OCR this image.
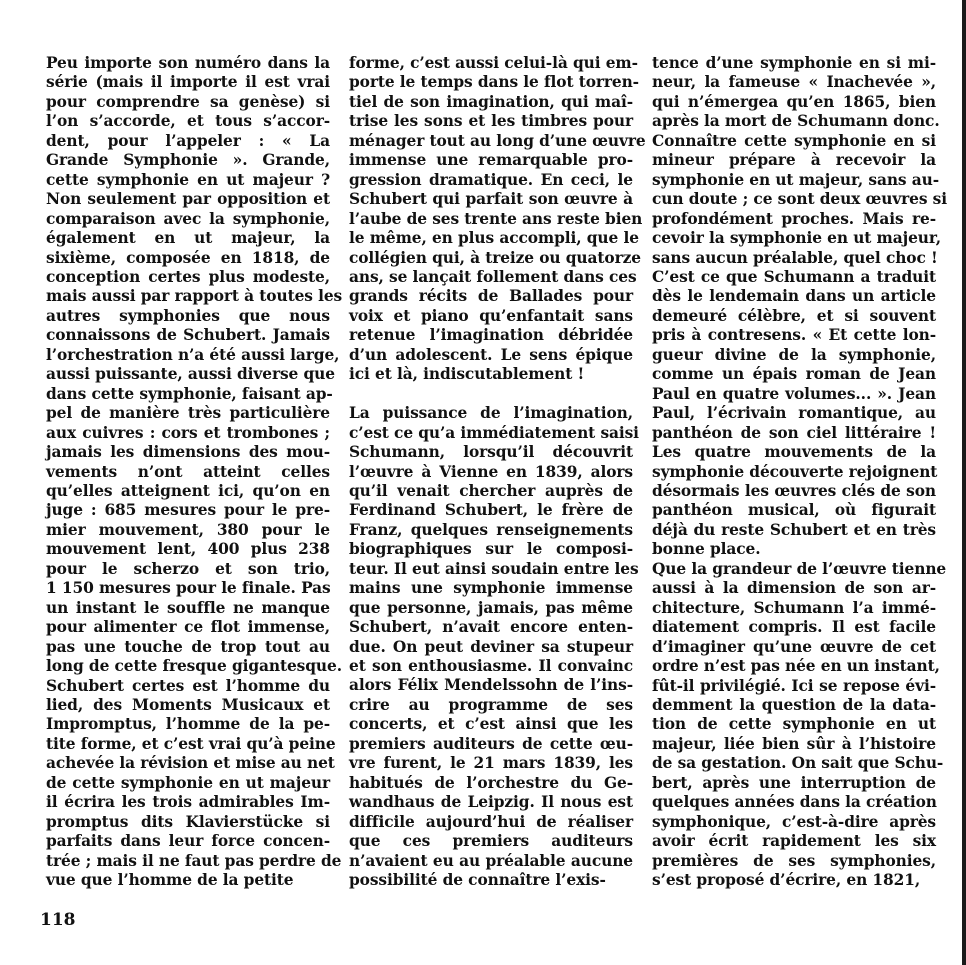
Peu importe son numéro dans la
série (mais il importe il est vrai
pour comprendre sa genèse) si
l’on s’accorde, et tous s’accor-
dent, pour l’appeler : « La
Grande Symphonie ». Grande,
cette symphonie en ut majeur ?
Non seulement par opposition et
comparaison avec la symphonie,
également en ut majeur, la
sixième, composée en 1818, de
conception certes plus modeste,
mais aussi par rapport à toutes les
autres symphonies que nous
connaissons de Schubert. Jamais
l’orchestration n’a été aussi large,
aussi puissante, aussi diverse que
dans cette symphonie, faisant ap-
pel de manière très particulière
aux cuivres : cors et trombones ;
jamais les dimensions des mou-
vements n’ont atteint celles
qu’elles atteignent ici, qu’on en
juge : 685 mesures pour le pre-
mier mouvement, 380 pour le
mouvement lent, 400 plus 238
pour le scherzo et son trio,
1 150 mesures pour le finale. Pas
un instant le souffle ne manque
pour alimenter ce flot immense,
pas une touche de trop tout au
long de cette fresque gigantesque.
Schubert certes est l’homme du
lied, des Moments Musicaux et
Impromptus, l’homme de la pe-
tite forme, et c’est vrai qu’à peine
achevée la révision et mise au net
de cette symphonie en ut majeur
il écrira les trois admirables Im-
promptus dits Klavierstücke si
parfaits dans leur force concen-
trée ; mais il ne faut pas perdre de
vue que l’homme de la petite
forme, c’est aussi celui-là qui em-
porte le temps dans le flot torren-
tiel de son imagination, qui maî-
trise les sons et les timbres pour
ménager tout au long d’une œuvre
immense une remarquable pro-
gression dramatique. En ceci, le
Schubert qui parfait son œuvre à
l’aube de ses trente ans reste bien
le même, en plus accompli, que le
collégien qui, à treize ou quatorze
ans, se lançait follement dans ces
grands récits de Ballades pour
voix et piano qu’enfantait sans
retenue l’imagination débridée
d’un adolescent. Le sens épique
ici et là, indiscutablement !
La puissance de l’imagination,
c’est ce qu’a immédiatement saisi
Schumann, lorsqu’il découvrit
l’œuvre à Vienne en 1839, alors
qu’il venait chercher auprès de
Ferdinand Schubert, le frère de
Franz, quelques renseignements
biographiques sur le composi-
teur. Il eut ainsi soudain entre les
mains une symphonie immense
que personne, jamais, pas même
Schubert, n’avait encore enten-
due. On peut deviner sa stupeur
et son enthousiasme. Il convainc
alors Félix Mendelssohn de l’ins-
crire au programme de ses
concerts, et c’est ainsi que les
premiers auditeurs de cette œu-
vre furent, le 21 mars 1839, les
habitués de l’orchestre du Ge-
wandhaus de Leipzig. Il nous est
difficile aujourd’hui de réaliser
que ces premiers auditeurs
n’avaient eu au préalable aucune
possibilité de connaître l’exis-
tence d’une symphonie en si mi-
neur, la fameuse « Inachevée »,
qui n’émergea qu’en 1865, bien
après la mort de Schumann donc.
Connaître cette symphonie en si
mineur prépare à recevoir la
symphonie en ut majeur, sans au-
cun doute ; ce sont deux œuvres si
profondément proches. Mais re-
cevoir la symphonie en ut majeur,
sans aucun préalable, quel choc !
C’est ce que Schumann a traduit
dès le lendemain dans un article
demeuré célèbre, et si souvent
pris à contresens. « Et cette lon-
gueur divine de la symphonie,
comme un épais roman de Jean
Paul en quatre volumes... ». Jean
Paul, l’écrivain romantique, au
panthéon de son ciel littéraire !
Les quatre mouvements de la
symphonie découverte rejoignent
désormais les œuvres clés de son
panthéon musical, où figurait
déjà du reste Schubert et en très
bonne place.
Que la grandeur de l’œuvre tienne
aussi à la dimension de son ar-
chitecture, Schumann l’a immé-
diatement compris. Il est facile
d’imaginer qu’une œuvre de cet
ordre n’est pas née en un instant,
fût-il privilégié. Ici se repose évi-
demment la question de la data-
tion de cette symphonie en ut
majeur, liée bien sûr à l’histoire
de sa gestation. On sait que Schu-
bert, après une interruption de
quelques années dans la création
symphonique, c’est-à-dire après
avoir écrit rapidement les six
premières de ses symphonies,
s’est proposé d’écrire, en 1821,
118
